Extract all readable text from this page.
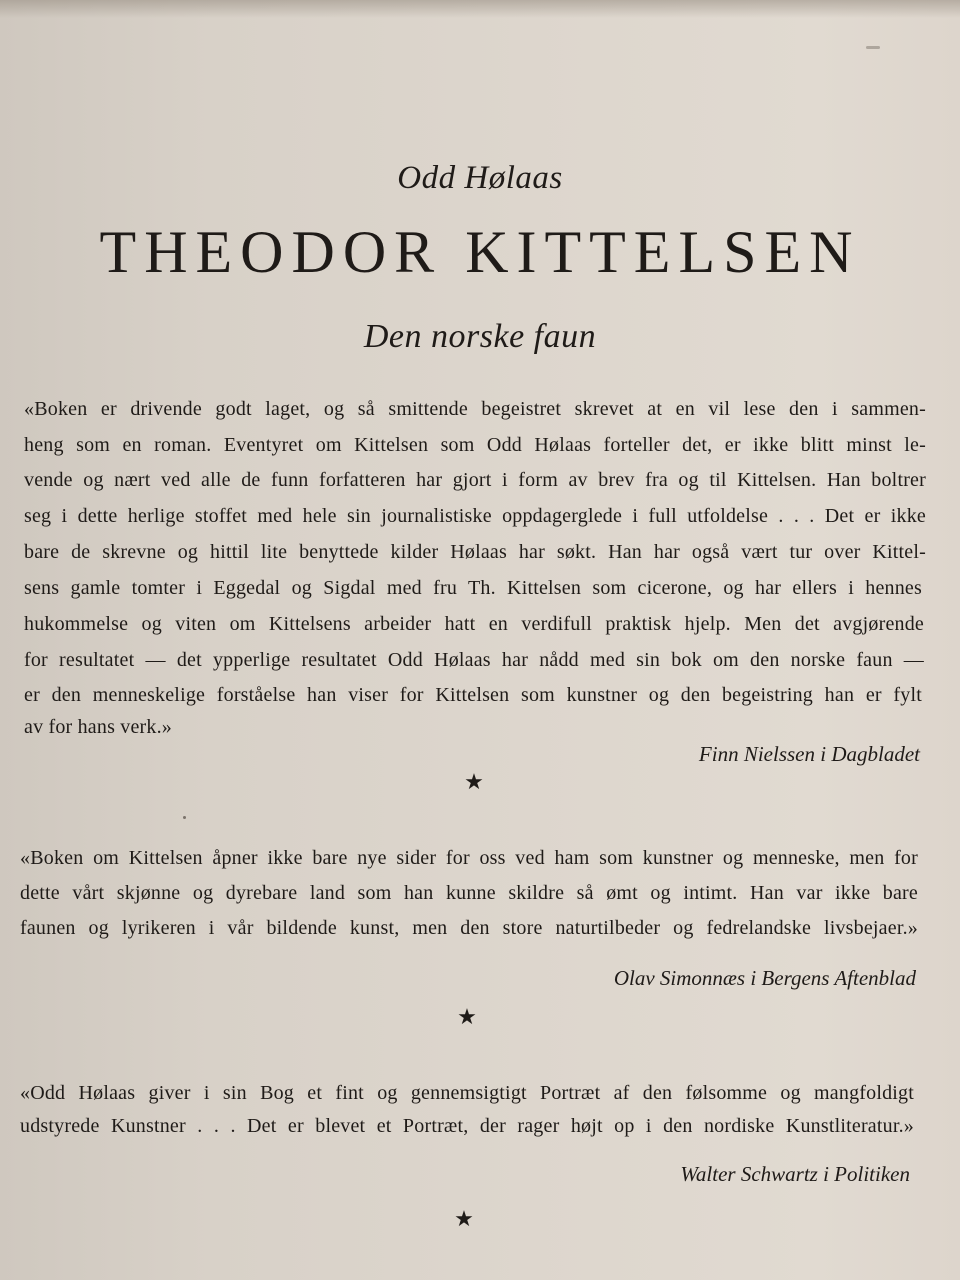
Odd Hølaas
THEODOR KITTELSEN
Den norske faun
«Boken er drivende godt laget, og så smittende begeistret skrevet at en vil lese den i sammen-
heng som en roman. Eventyret om Kittelsen som Odd Hølaas forteller det, er ikke blitt minst le-
vende og nært ved alle de funn forfatteren har gjort i form av brev fra og til Kittelsen. Han boltrer
seg i dette herlige stoffet med hele sin journalistiske oppdagerglede i full utfoldelse . . . Det er ikke
bare de skrevne og hittil lite benyttede kilder Hølaas har søkt. Han har også vært tur over Kittel-
sens gamle tomter i Eggedal og Sigdal med fru Th. Kittelsen som cicerone, og har ellers i hennes
hukommelse og viten om Kittelsens arbeider hatt en verdifull praktisk hjelp. Men det avgjørende
for resultatet — det ypperlige resultatet Odd Hølaas har nådd med sin bok om den norske faun —
er den menneskelige forståelse han viser for Kittelsen som kunstner og den begeistring han er fylt
av for hans verk.»
Finn Nielssen i Dagbladet
★
«Boken om Kittelsen åpner ikke bare nye sider for oss ved ham som kunstner og menneske, men for
dette vårt skjønne og dyrebare land som han kunne skildre så ømt og intimt. Han var ikke bare
faunen og lyrikeren i vår bildende kunst, men den store naturtilbeder og fedrelandske livsbejaer.»
Olav Simonnæs i Bergens Aftenblad
★
«Odd Hølaas giver i sin Bog et fint og gennemsigtigt Portræt af den følsomme og mangfoldigt
udstyrede Kunstner . . . Det er blevet et Portræt, der rager højt op i den nordiske Kunstliteratur.»
Walter Schwartz i Politiken
★
